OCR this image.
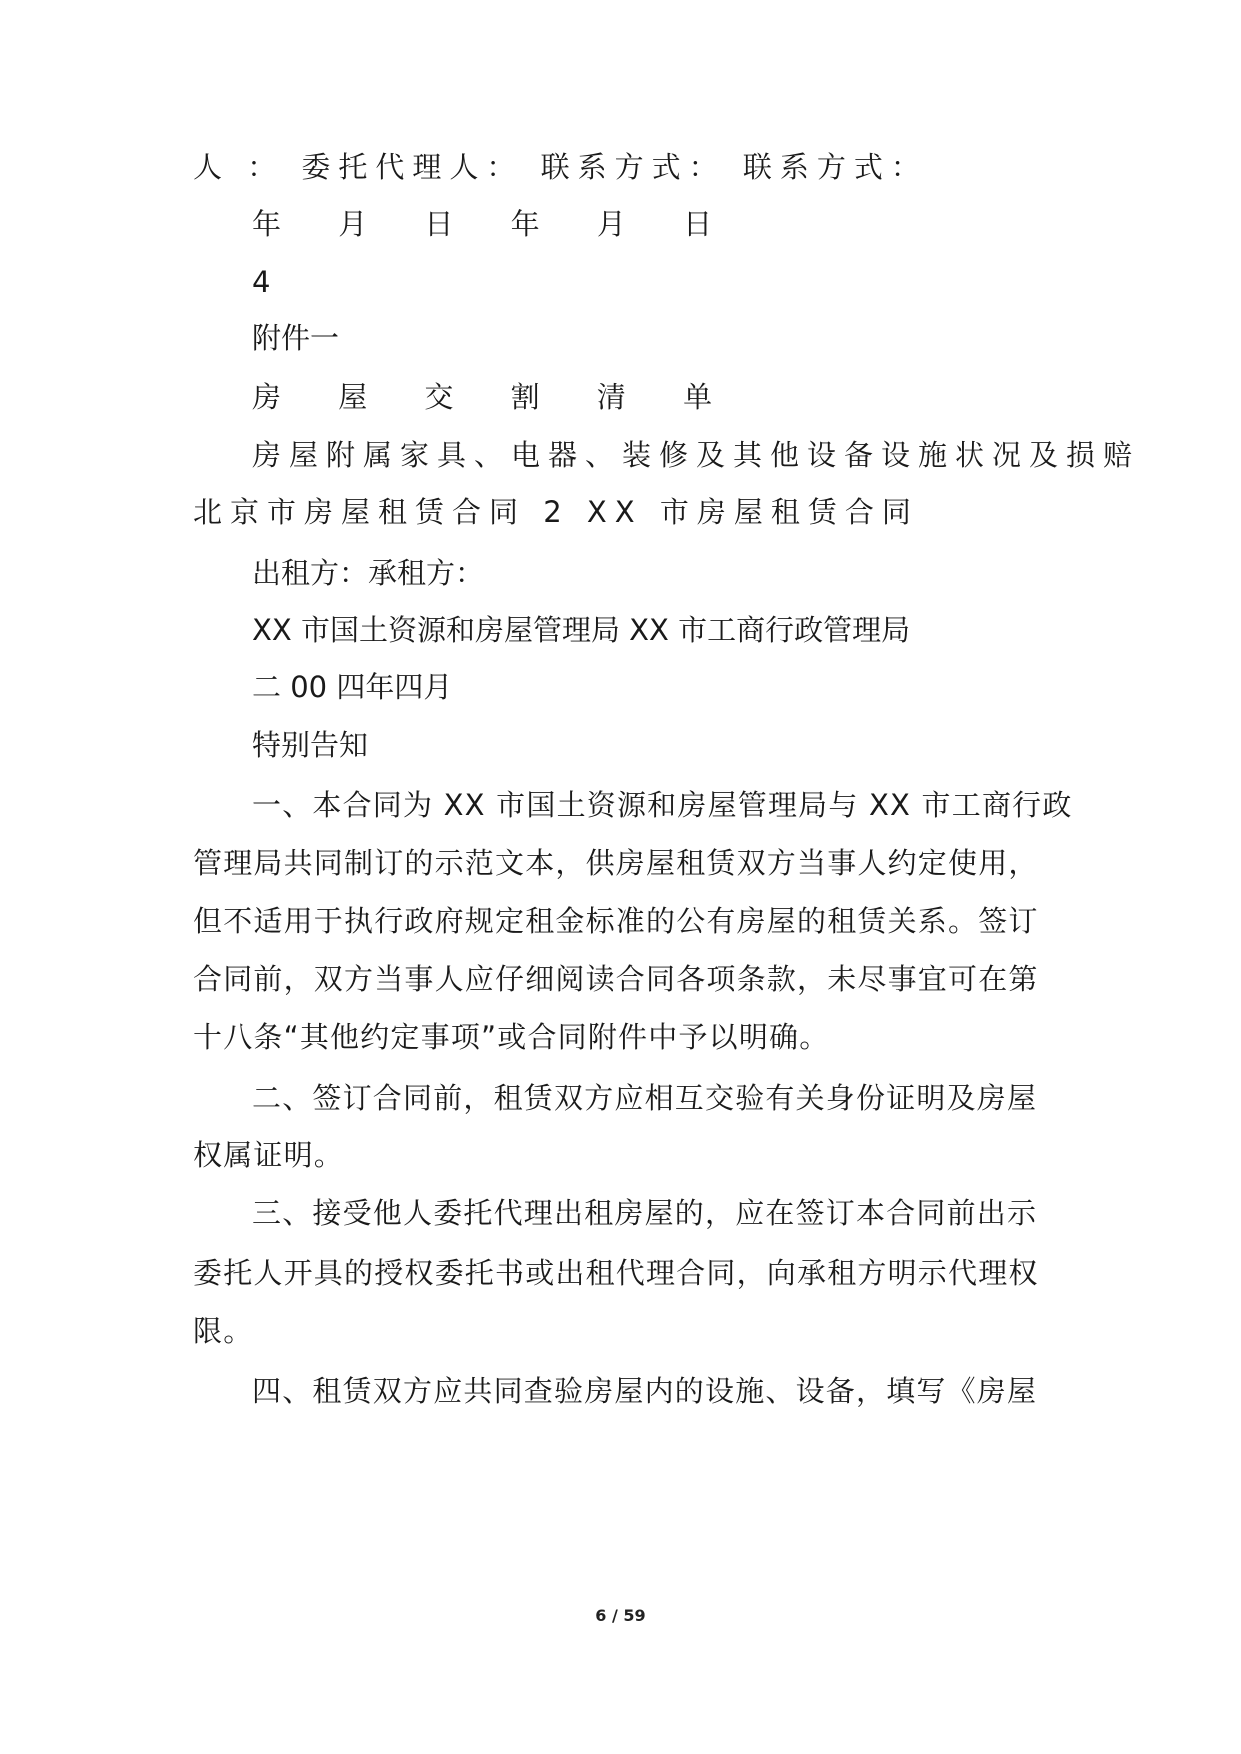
人 ： 委托代理人： 联系方式： 联系方式：

年 月 日 年 月 日

4

附件一

房 屋 交 割 清 单

房屋附属家具、电器、装修及其他设备设施状况及损赔

北京市房屋租赁合同 2 XX 市房屋租赁合同

出租方：承租方：

XX 市国土资源和房屋管理局 XX 市工商行政管理局

二 00 四年四月

特别告知

一、本合同为 XX 市国土资源和房屋管理局与 XX 市工商行政

管理局共同制订的示范文本，供房屋租赁双方当事人约定使用，

但不适用于执行政府规定租金标准的公有房屋的租赁关系。签订

合同前，双方当事人应仔细阅读合同各项条款，未尽事宜可在第

十八条“其他约定事项”或合同附件中予以明确。

二、签订合同前，租赁双方应相互交验有关身份证明及房屋

权属证明。

三、接受他人委托代理出租房屋的，应在签订本合同前出示

委托人开具的授权委托书或出租代理合同，向承租方明示代理权

限。

四、租赁双方应共同查验房屋内的设施、设备，填写《房屋

6 / 59
